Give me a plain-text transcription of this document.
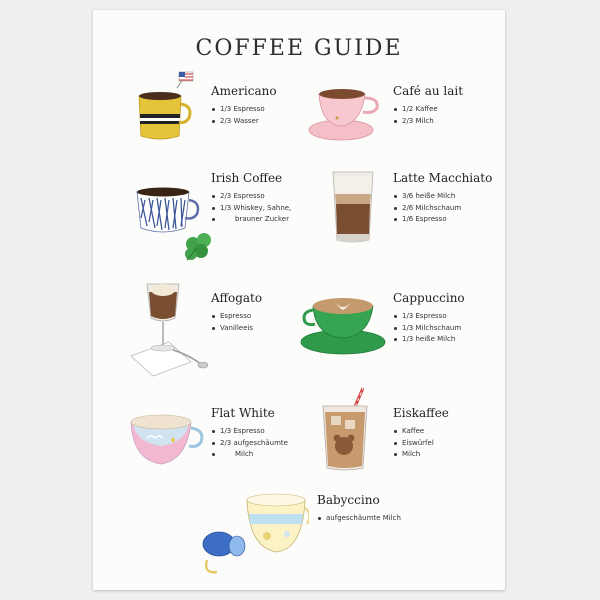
COFFEE GUIDE
Americano
1/3 Espresso
2/3 Wasser
Café au lait
1/2 Kaffee
2/3 Milch
Irish Coffee
2/3 Espresso
1/3 Whiskey, Sahne,
brauner Zucker
Latte Macchiato
3/6 heiße Milch
2/6 Milchschaum
1/6 Espresso
Affogato
Espresso
Vanilleeis
Cappuccino
1/3 Espresso
1/3 Milchschaum
1/3 heiße Milch
Flat White
1/3 Espresso
2/3 aufgeschäumte
Milch
Eiskaffee
Kaffee
Eiswürfel
Milch
Babyccino
aufgeschäumte Milch
